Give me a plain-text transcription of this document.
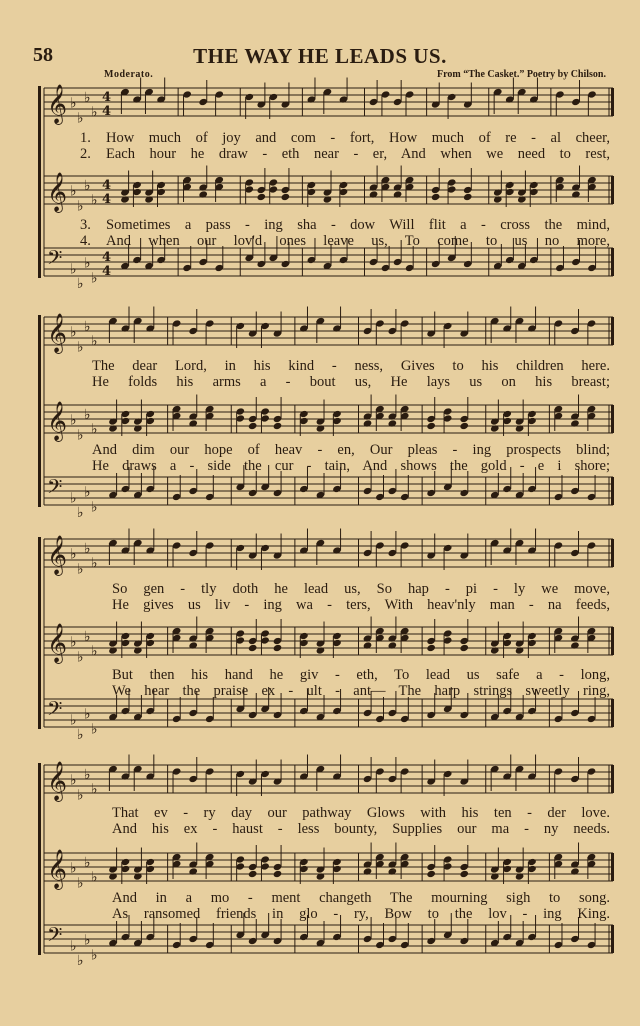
58	THE WAY HE LEADS US.
Moderato.	From “The Casket.” Poetry by Chilson.
𝄞 ♭
♭
♭
♭
4
4
𝄞 ♭
♭
♭
♭
4
4
𝄢 ♭
♭
♭
♭
4
4
𝄞 ♭
♭
♭
♭
𝄞 ♭
♭
♭
♭
𝄢 ♭
♭
♭
♭
𝄞 ♭
♭
♭
♭
𝄞 ♭
♭
♭
♭
𝄢 ♭
♭
♭
♭
𝄞 ♭
♭
♭
♭
𝄞 ♭
♭
♭
♭
𝄢 ♭
♭
♭
♭
1. How much of joy and com - fort, How much of re - al cheer,
2. Each hour he draw - eth near - er, And when we need to rest,
3. Sometimes a pass - ing sha - dow Will flit a - cross the mind,
4. And when our lov'd ones leave us, To come to us no more,
The dear Lord, in his kind - ness, Gives to his children here.
He folds his arms a - bout us, He lays us on his breast;
And dim our hope of heav - en, Our pleas - ing prospects blind;
He draws a - side the cur - tain, And shows the gold - e i shore;
So gen - tly doth he lead us, So hap - pi - ly we move,
He gives us liv - ing wa - ters, With heav'nly man - na feeds,
But then his hand he giv - eth, To lead us safe a - long,
We hear the praise ex - ult - ant— The harp strings sweetly ring,
That ev - ry day our pathway Glows with his ten - der love.
And his ex - haust - less bounty, Supplies our ma - ny needs.
And in a mo - ment changeth The mourning sigh to song.
As ransomed friends in glo - ry, Bow to the lov - ing King.
